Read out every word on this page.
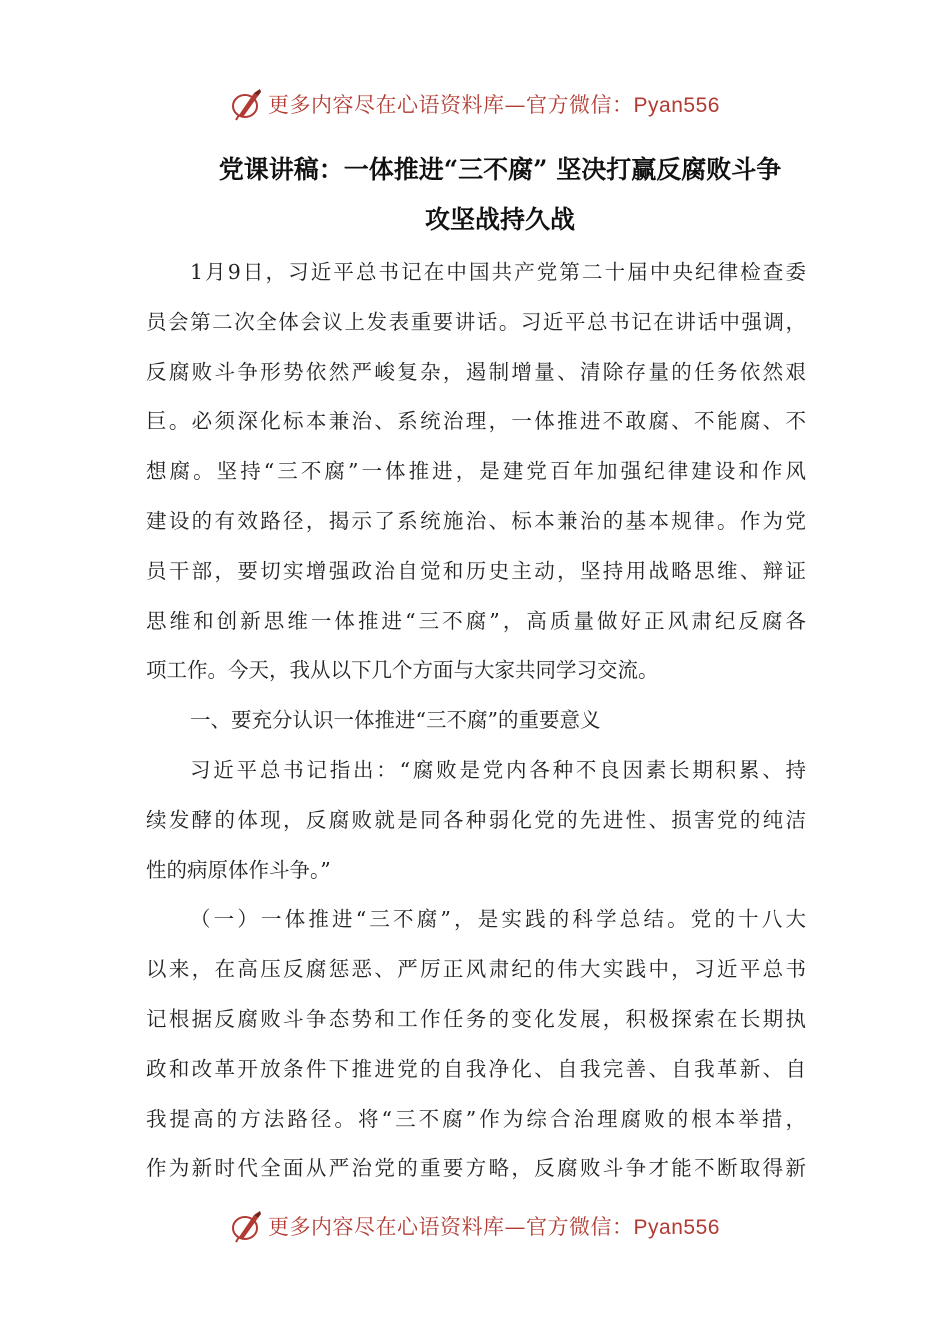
更多内容尽在心语资料库—官方微信：Pyan556
党课讲稿：一体推进“三不腐” 坚决打赢反腐败斗争
攻坚战持久战
1月9日，习近平总书记在中国共产党第二十届中央纪律检查委
员会第二次全体会议上发表重要讲话。习近平总书记在讲话中强调，
反腐败斗争形势依然严峻复杂，遏制增量、清除存量的任务依然艰
巨。必须深化标本兼治、系统治理，一体推进不敢腐、不能腐、不
想腐。坚持“三不腐”一体推进，是建党百年加强纪律建设和作风
建设的有效路径，揭示了系统施治、标本兼治的基本规律。作为党
员干部，要切实增强政治自觉和历史主动，坚持用战略思维、辩证
思维和创新思维一体推进“三不腐”，高质量做好正风肃纪反腐各
项工作。今天，我从以下几个方面与大家共同学习交流。
一、要充分认识一体推进“三不腐”的重要意义
习近平总书记指出：“腐败是党内各种不良因素长期积累、持
续发酵的体现，反腐败就是同各种弱化党的先进性、损害党的纯洁
性的病原体作斗争。”
（一）一体推进“三不腐”，是实践的科学总结。党的十八大
以来，在高压反腐惩恶、严厉正风肃纪的伟大实践中，习近平总书
记根据反腐败斗争态势和工作任务的变化发展，积极探索在长期执
政和改革开放条件下推进党的自我净化、自我完善、自我革新、自
我提高的方法路径。将“三不腐”作为综合治理腐败的根本举措，
作为新时代全面从严治党的重要方略，反腐败斗争才能不断取得新
更多内容尽在心语资料库—官方微信：Pyan556
